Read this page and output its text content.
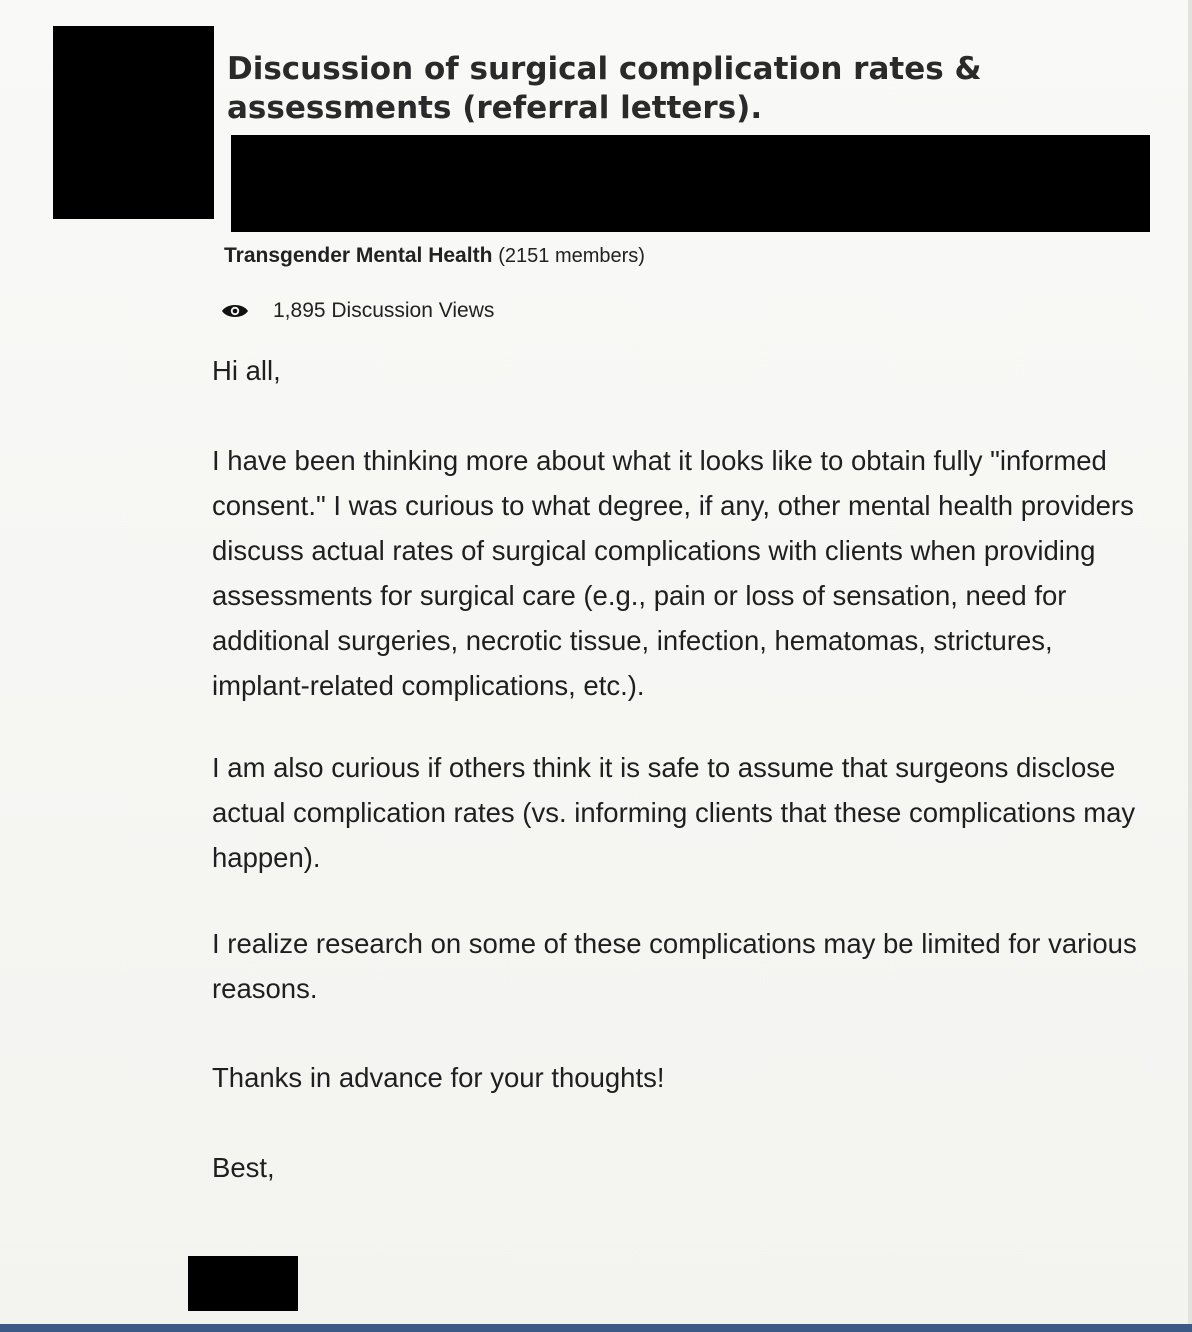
Discussion of surgical complication rates & assessments (referral letters).
Transgender Mental Health (2151 members)
1,895 Discussion Views

Hi all,

I have been thinking more about what it looks like to obtain fully "informed consent." I was curious to what degree, if any, other mental health providers discuss actual rates of surgical complications with clients when providing assessments for surgical care (e.g., pain or loss of sensation, need for additional surgeries, necrotic tissue, infection, hematomas, strictures, implant-related complications, etc.).

I am also curious if others think it is safe to assume that surgeons disclose actual complication rates (vs. informing clients that these complications may happen).

I realize research on some of these complications may be limited for various reasons.

Thanks in advance for your thoughts!

Best,
